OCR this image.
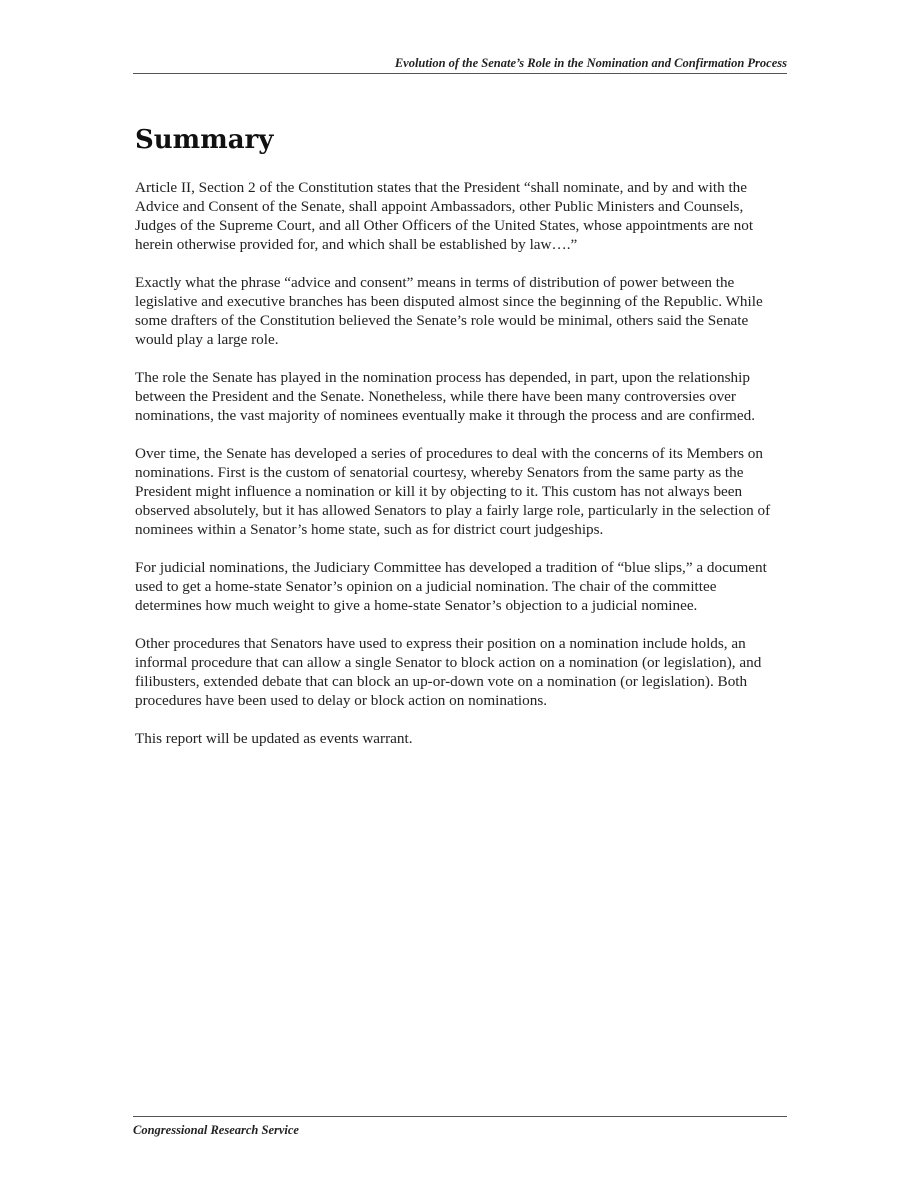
Evolution of the Senate’s Role in the Nomination and Confirmation Process
Summary

Article II, Section 2 of the Constitution states that the President “shall nominate, and by and with the Advice and Consent of the Senate, shall appoint Ambassadors, other Public Ministers and Counsels, Judges of the Supreme Court, and all Other Officers of the United States, whose appointments are not herein otherwise provided for, and which shall be established by law….”

Exactly what the phrase “advice and consent” means in terms of distribution of power between the legislative and executive branches has been disputed almost since the beginning of the Republic. While some drafters of the Constitution believed the Senate’s role would be minimal, others said the Senate would play a large role.

The role the Senate has played in the nomination process has depended, in part, upon the relationship between the President and the Senate. Nonetheless, while there have been many controversies over nominations, the vast majority of nominees eventually make it through the process and are confirmed.

Over time, the Senate has developed a series of procedures to deal with the concerns of its Members on nominations. First is the custom of senatorial courtesy, whereby Senators from the same party as the President might influence a nomination or kill it by objecting to it. This custom has not always been observed absolutely, but it has allowed Senators to play a fairly large role, particularly in the selection of nominees within a Senator’s home state, such as for district court judgeships.

For judicial nominations, the Judiciary Committee has developed a tradition of “blue slips,” a document used to get a home-state Senator’s opinion on a judicial nomination. The chair of the committee determines how much weight to give a home-state Senator’s objection to a judicial nominee.

Other procedures that Senators have used to express their position on a nomination include holds, an informal procedure that can allow a single Senator to block action on a nomination (or legislation), and filibusters, extended debate that can block an up-or-down vote on a nomination (or legislation). Both procedures have been used to delay or block action on nominations.

This report will be updated as events warrant.

Congressional Research Service
